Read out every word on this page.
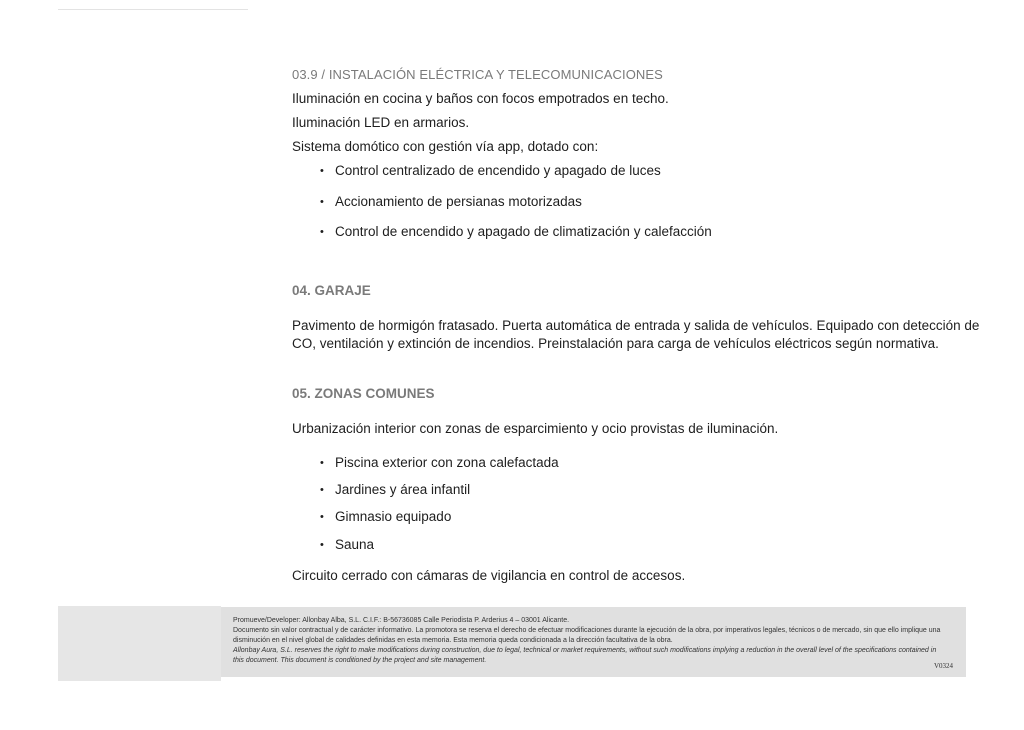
03.9 / INSTALACIÓN ELÉCTRICA Y TELECOMUNICACIONES

Iluminación en cocina y baños con focos empotrados en techo.

Iluminación LED en armarios.

Sistema domótico con gestión vía app, dotado con:

• Control centralizado de encendido y apagado de luces
• Accionamiento de persianas motorizadas
• Control de encendido y apagado de climatización y calefacción

04. GARAJE

Pavimento de hormigón fratasado. Puerta automática de entrada y salida de vehículos. Equipado con detección de CO, ventilación y extinción de incendios. Preinstalación para carga de vehículos eléctricos según normativa.

05. ZONAS COMUNES

Urbanización interior con zonas de esparcimiento y ocio provistas de iluminación.

• Piscina exterior con zona calefactada
• Jardines y área infantil
• Gimnasio equipado
• Sauna

Circuito cerrado con cámaras de vigilancia en control de accesos.

Promueve/Developer: Allonbay Alba, S.L. C.I.F.: B-56736085 Calle Periodista P. Arderius 4 – 03001 Alicante.

Documento sin valor contractual y de carácter informativo. La promotora se reserva el derecho de efectuar modificaciones durante la ejecución de la obra, por imperativos legales, técnicos o de mercado, sin que ello implique una disminución en el nivel global de calidades definidas en esta memoria. Esta memoria queda condicionada a la dirección facultativa de la obra.

Allonbay Aura, S.L. reserves the right to make modifications during construction, due to legal, technical or market requirements, without such modifications implying a reduction in the overall level of the specifications contained in this document. This document is conditioned by the project and site management.

V0324
